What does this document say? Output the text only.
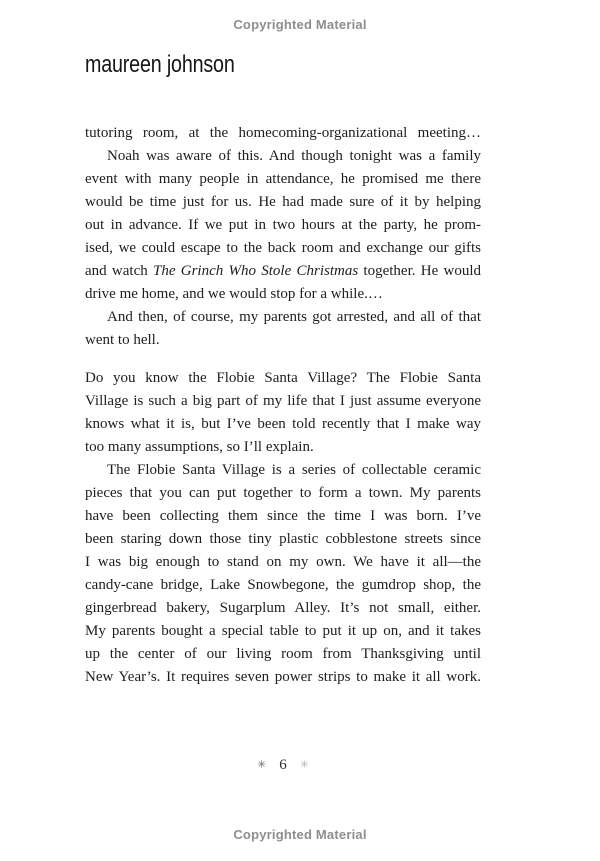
Copyrighted Material
maureen johnson
tutoring room, at the homecoming-organizational meeting…
Noah was aware of this. And though tonight was a family
event with many people in attendance, he promised me there
would be time just for us. He had made sure of it by helping
out in advance. If we put in two hours at the party, he prom-
ised, we could escape to the back room and exchange our gifts
and watch The Grinch Who Stole Christmas together. He would
drive me home, and we would stop for a while.…
And then, of course, my parents got arrested, and all of that
went to hell.
Do you know the Flobie Santa Village? The Flobie Santa
Village is such a big part of my life that I just assume everyone
knows what it is, but I’ve been told recently that I make way
too many assumptions, so I’ll explain.
The Flobie Santa Village is a series of collectable ceramic
pieces that you can put together to form a town. My parents
have been collecting them since the time I was born. I’ve
been staring down those tiny plastic cobblestone streets since
I was big enough to stand on my own. We have it all—the
candy-cane bridge, Lake Snowbegone, the gumdrop shop, the
gingerbread bakery, Sugarplum Alley. It’s not small, either.
My parents bought a special table to put it up on, and it takes
up the center of our living room from Thanksgiving until
New Year’s. It requires seven power strips to make it all work.
✳ 6 ✳
Copyrighted Material
